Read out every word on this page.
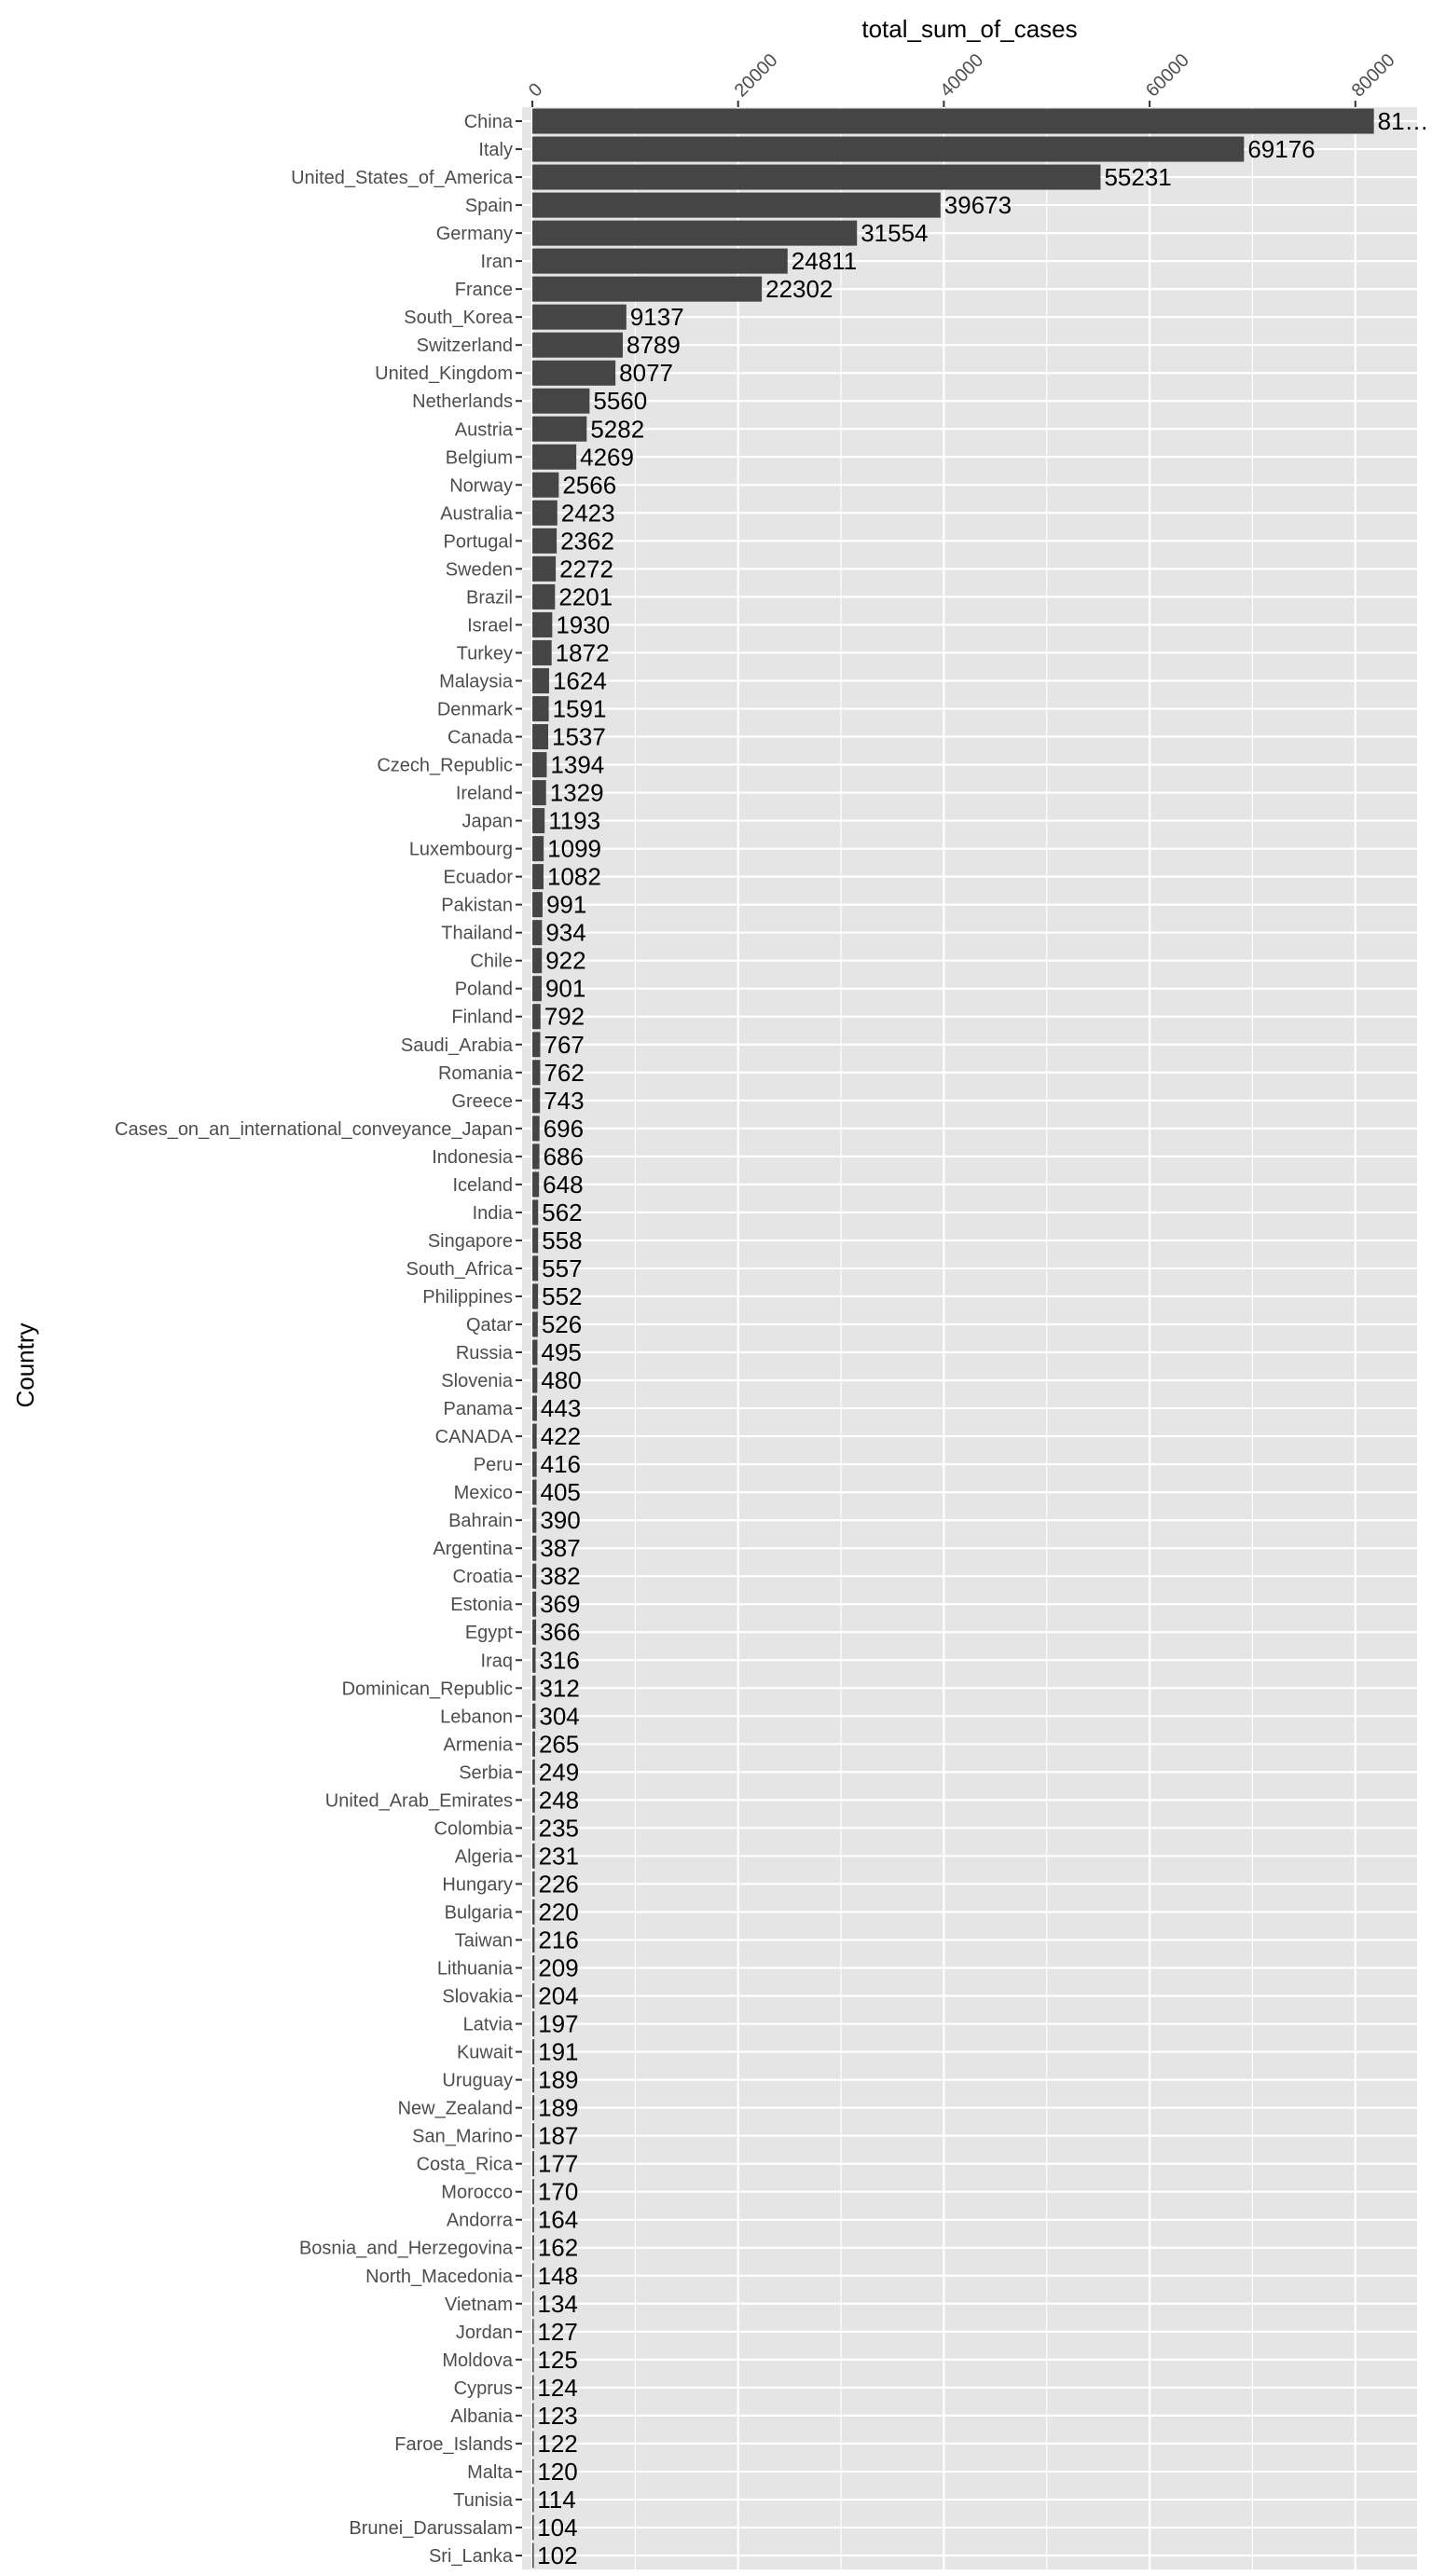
81…
69176
55231
39673
31554
24811
22302
9137
8789
8077
5560
5282
4269
2566
2423
2362
2272
2201
1930
1872
1624
1591
1537
1394
1329
1193
1099
1082
991
934
922
901
792
767
762
743
696
686
648
562
558
557
552
526
495
480
443
422
416
405
390
387
382
369
366
316
312
304
265
249
248
235
231
226
220
216
209
204
197
191
189
189
187
177
170
164
162
148
134
127
125
124
123
122
120
114
104
102
China
Italy
United_States_of_America
Spain
Germany
Iran
France
South_Korea
Switzerland
United_Kingdom
Netherlands
Austria
Belgium
Norway
Australia
Portugal
Sweden
Brazil
Israel
Turkey
Malaysia
Denmark
Canada
Czech_Republic
Ireland
Japan
Luxembourg
Ecuador
Pakistan
Thailand
Chile
Poland
Finland
Saudi_Arabia
Romania
Greece
Cases_on_an_international_conveyance_Japan
Indonesia
Iceland
India
Singapore
South_Africa
Philippines
Qatar
Russia
Slovenia
Panama
CANADA
Peru
Mexico
Bahrain
Argentina
Croatia
Estonia
Egypt
Iraq
Dominican_Republic
Lebanon
Armenia
Serbia
United_Arab_Emirates
Colombia
Algeria
Hungary
Bulgaria
Taiwan
Lithuania
Slovakia
Latvia
Kuwait
Uruguay
New_Zealand
San_Marino
Costa_Rica
Morocco
Andorra
Bosnia_and_Herzegovina
North_Macedonia
Vietnam
Jordan
Moldova
Cyprus
Albania
Faroe_Islands
Malta
Tunisia
Brunei_Darussalam
Sri_Lanka
0	20000	40000	60000	80000
total_sum_of_cases
Country
